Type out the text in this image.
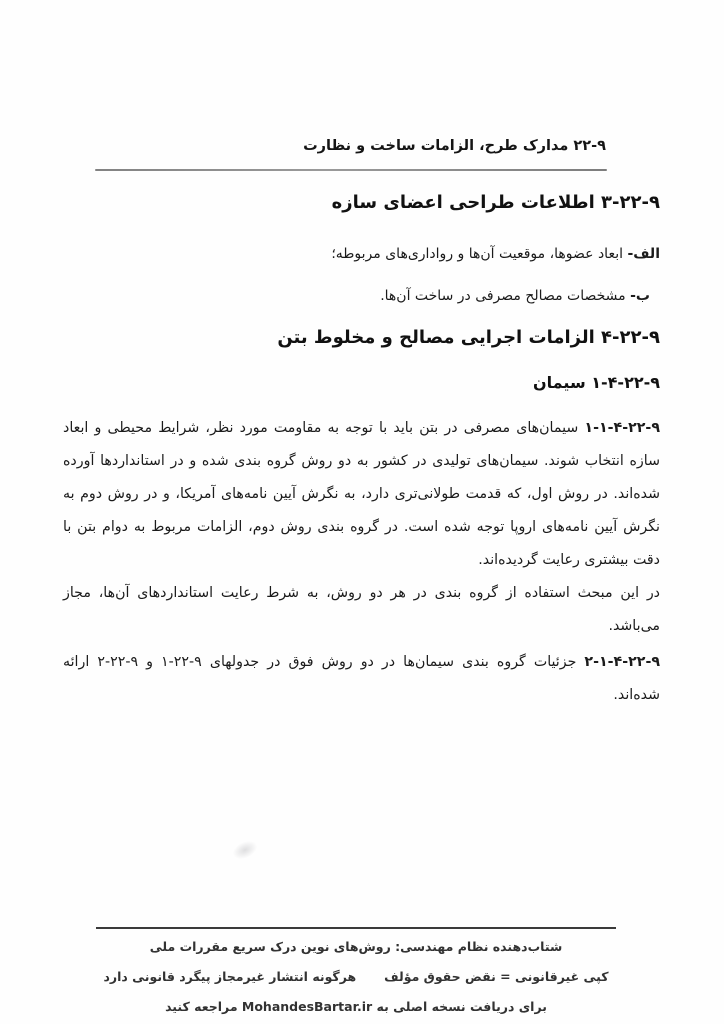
۹‏-۲۲ مدارک طرح، الزامات ساخت و نظارت
۹‏-۲۲‏-۳ اطلاعات طراحی اعضای سازه
الف- ابعاد عضوها، موقعیت آن‌ها و رواداری‌های مربوطه؛
ب- مشخصات مصالح مصرفی در ساخت آن‌ها.
۹‏-۲۲‏-۴ الزامات اجرایی مصالح و مخلوط بتن
۹‏-۲۲‏-۴‏-۱ سیمان

۹‏-۲۲‏-۴‏-۱‏-۱ سیمان‌های مصرفی در بتن باید با توجه به مقاومت مورد نظر، شرایط محیطی و ابعاد سازه انتخاب شوند. سیمان‌های تولیدی در کشور به دو روش گروه بندی شده و در استانداردها آورده شده‌اند. در روش اول، که قدمت طولانی‌تری دارد، به نگرش آیین نامه‌های آمریکا، و در روش دوم به نگرش آیین نامه‌های اروپا توجه شده است. در گروه بندی روش دوم، الزامات مربوط به دوام بتن با دقت بیشتری رعایت گردیده‌اند.

در این مبحث استفاده از گروه بندی در هر دو روش، به شرط رعایت استانداردهای آن‌ها، مجاز می‌باشد.

۹‏-۲۲‏-۴‏-۱‏-۲ جزئیات گروه بندی سیمان‌ها در دو روش فوق در جدولهای ۹‏-۲۲‏-۱ و ۹‏-۲۲‏-۲ ارائه شده‌اند.

شتاب‌دهنده نظام مهندسی: روش‌های نوین درک سریع مقررات ملی
کپی غیرقانونی = نقض حقوق مؤلف
هرگونه انتشار غیرمجاز پیگرد قانونی دارد
برای دریافت نسخه اصلی به MohandesBartar.ir مراجعه کنید
